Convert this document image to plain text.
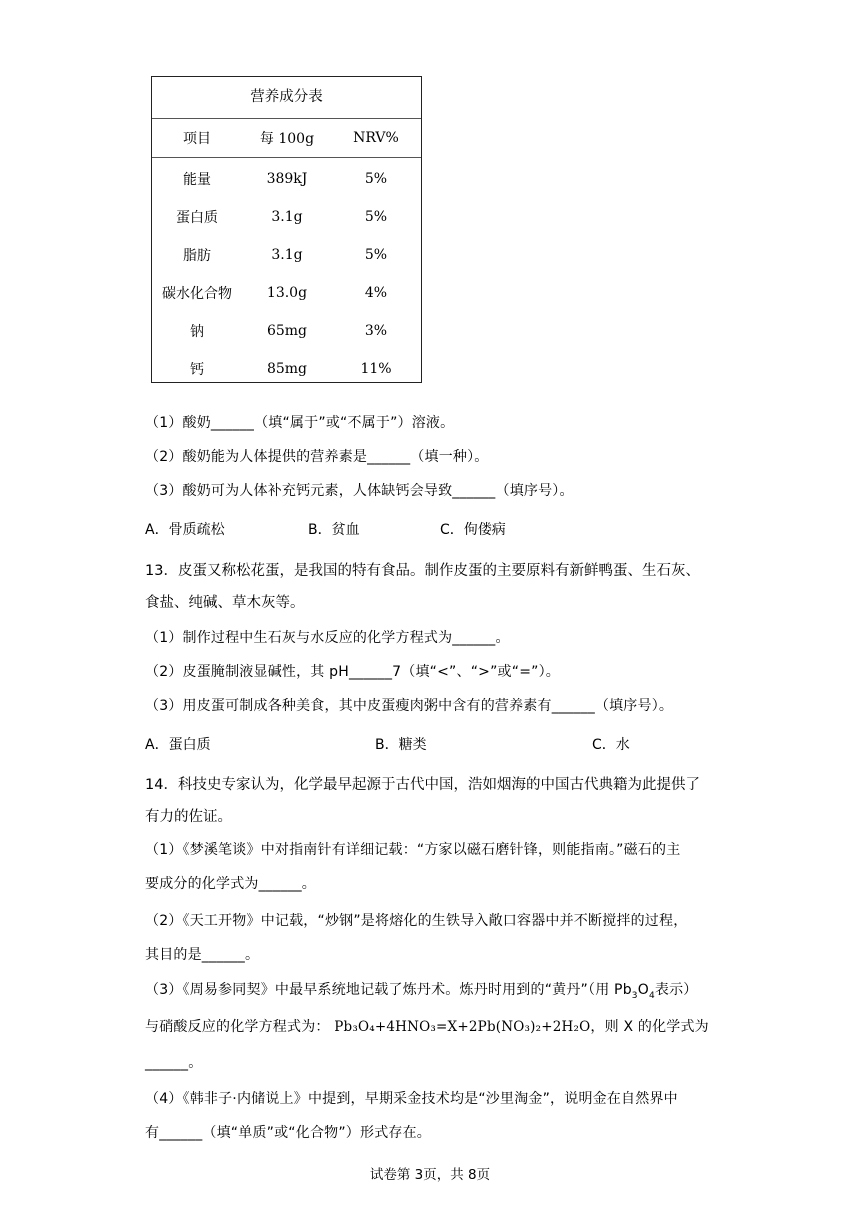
营养成分表
项目	每 100g	NRV%
能量	389kJ	5%
蛋白质	3.1g	5%
脂肪	3.1g	5%
碳水化合物	13.0g	4%
钠	65mg	3%
钙	85mg	11%
（1）酸奶______（填“属于”或“不属于”）溶液。
（2）酸奶能为人体提供的营养素是______（填一种）。
（3）酸奶可为人体补充钙元素，人体缺钙会导致______（填序号）。
A．骨质疏松	B．贫血	C．佝偻病
13．皮蛋又称松花蛋，是我国的特有食品。制作皮蛋的主要原料有新鲜鸭蛋、生石灰、
食盐、纯碱、草木灰等。
（1）制作过程中生石灰与水反应的化学方程式为______。
（2）皮蛋腌制液显碱性，其 pH______7（填“<”、“>”或“=”）。
（3）用皮蛋可制成各种美食，其中皮蛋瘦肉粥中含有的营养素有______（填序号）。
A．蛋白质	B．糖类	C．水
14．科技史专家认为，化学最早起源于古代中国，浩如烟海的中国古代典籍为此提供了
有力的佐证。
（1）《梦溪笔谈》中对指南针有详细记载：“方家以磁石磨针锋，则能指南。”磁石的主
要成分的化学式为______。
（2）《天工开物》中记载，“炒钢”是将熔化的生铁导入敞口容器中并不断搅拌的过程，
其目的是______。
（3）《周易参同契》中最早系统地记载了炼丹术。炼丹时用到的“黄丹”（用 $Pb_3O_4$表示）
与硝酸反应的化学方程式为： Pb₃O₄+4HNO₃=X+2Pb(NO₃)₂+2H₂O，则 X 的化学式为
______。
（4）《韩非子·内储说上》中提到，早期采金技术均是“沙里淘金”，说明金在自然界中
有______（填“单质”或“化合物”）形式存在。
试卷第 3页，共 8页
